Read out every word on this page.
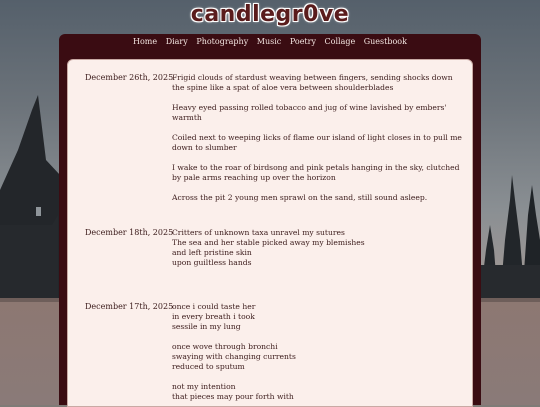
candlegr0ve
Home Diary Photography Music Poetry Collage Guestbook
December 26th, 2025

Frigid clouds of stardust weaving between fingers, sending shocks down the spine like a spat of aloe vera between shoulderblades

Heavy eyed passing rolled tobacco and jug of wine lavished by embers' warmth

Coiled next to weeping licks of flame our island of light closes in to pull me down to slumber

I wake to the roar of birdsong and pink petals hanging in the sky, clutched by pale arms reaching up over the horizon

Across the pit 2 young men sprawl on the sand, still sound asleep.

December 18th, 2025

Critters of unknown taxa unravel my sutures
The sea and her stable picked away my blemishes
and left pristine skin
upon guiltless hands

December 17th, 2025

once i could taste her
in every breath i took
sessile in my lung

once wove through bronchi
swaying with changing currents
reduced to sputum

not my intention
that pieces may pour forth with
